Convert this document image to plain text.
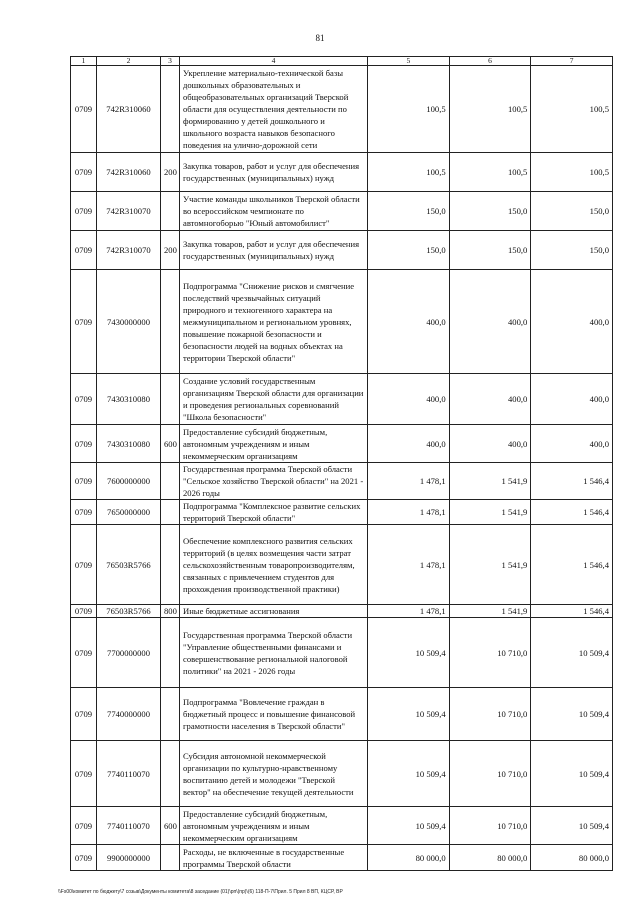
81
1	2	3	4	5	6	7
0709	742R310060		Укрепление материально-технической базы дошкольных образовательных и общеобразовательных организаций Тверской области для осуществления деятельности по формированию у детей дошкольного и школьного возраста навыков безопасного поведения на улично-дорожной сети	100,5	100,5	100,5
0709	742R310060	200	Закупка товаров, работ и услуг для обеспечения государственных (муниципальных) нужд	100,5	100,5	100,5
0709	742R310070		Участие команды школьников Тверской области во всероссийском чемпионате по автомногоборью "Юный автомобилист"	150,0	150,0	150,0
0709	742R310070	200	Закупка товаров, работ и услуг для обеспечения государственных (муниципальных) нужд	150,0	150,0	150,0
0709	7430000000		Подпрограмма "Снижение рисков и смягчение последствий чрезвычайных ситуаций природного и техногенного характера на межмуниципальном и региональном уровнях, повышение пожарной безопасности и безопасности людей на водных объектах на территории Тверской области"	400,0	400,0	400,0
0709	7430310080		Создание условий государственным организациям Тверской области для организации и проведения региональных соревнований "Школа безопасности"	400,0	400,0	400,0
0709	7430310080	600	Предоставление субсидий бюджетным, автономным учреждениям и иным некоммерческим организациям	400,0	400,0	400,0
0709	7600000000		Государственная программа Тверской области "Сельское хозяйство Тверской области" на 2021 - 2026 годы	1 478,1	1 541,9	1 546,4
0709	7650000000		Подпрограмма "Комплексное развитие сельских территорий Тверской области"	1 478,1	1 541,9	1 546,4
0709	76503R5766		Обеспечение комплексного развития сельских территорий (в целях возмещения части затрат сельскохозяйственным товаропроизводителям, связанных с привлечением студентов для прохождения производственной практики)	1 478,1	1 541,9	1 546,4
0709	76503R5766	800	Иные бюджетные ассигнования	1 478,1	1 541,9	1 546,4
0709	7700000000		Государственная программа Тверской области "Управление общественными финансами и совершенствование региональной налоговой политики" на 2021 - 2026 годы	10 509,4	10 710,0	10 509,4
0709	7740000000		Подпрограмма "Вовлечение граждан в бюджетный процесс и повышение финансовой грамотности населения в Тверской области"	10 509,4	10 710,0	10 509,4
0709	7740110070		Субсидия автономной некоммерческой организации по культурно-нравственному воспитанию детей и молодежи "Тверской вектор" на обеспечение текущей деятельности	10 509,4	10 710,0	10 509,4
0709	7740110070	600	Предоставление субсидий бюджетным, автономным учреждениям и иным некоммерческим организациям	10 509,4	10 710,0	10 509,4
0709	9900000000		Расходы, не включенные в государственные программы Тверской области	80 000,0	80 000,0	80 000,0
\\Fs00\комитет по бюджету\7 созыв\Документы комитета\8 заседание (01)\рп\(пр)\(6) 118-П-7\Прил. 5 Прил 8 ВП, КЦСР, ВР
